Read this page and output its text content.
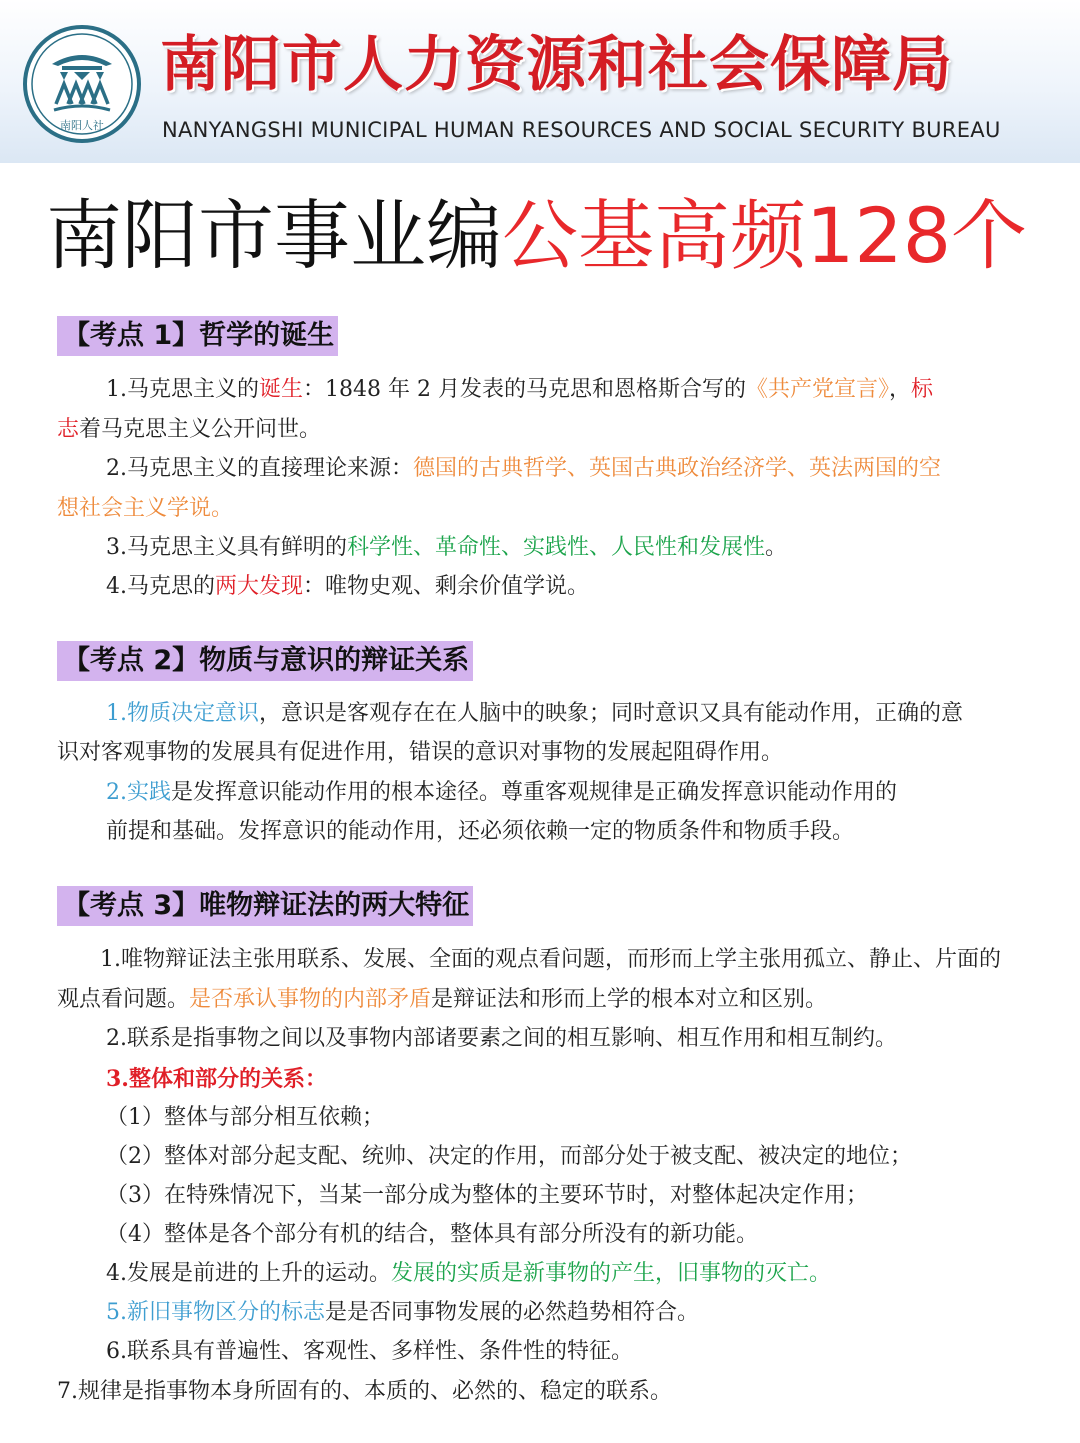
南阳人社
南阳市人力资源和社会保障局
NANYANGSHI MUNICIPAL HUMAN RESOURCES AND SOCIAL SECURITY BUREAU
南阳市事业编公基高频128个
【考点 1】哲学的诞生
1.马克思主义的诞生：1848 年 2 月发表的马克思和恩格斯合写的《共产党宣言》，标
志着马克思主义公开问世。
2.马克思主义的直接理论来源：德国的古典哲学、英国古典政治经济学、英法两国的空
想社会主义学说。
3.马克思主义具有鲜明的科学性、革命性、实践性、人民性和发展性。
4.马克思的两大发现：唯物史观、剩余价值学说。
【考点 2】物质与意识的辩证关系
1.物质决定意识，意识是客观存在在人脑中的映象；同时意识又具有能动作用，正确的意
识对客观事物的发展具有促进作用，错误的意识对事物的发展起阻碍作用。
2.实践是发挥意识能动作用的根本途径。尊重客观规律是正确发挥意识能动作用的
前提和基础。发挥意识的能动作用，还必须依赖一定的物质条件和物质手段。
【考点 3】唯物辩证法的两大特征
1.唯物辩证法主张用联系、发展、全面的观点看问题，而形而上学主张用孤立、静止、片面的
观点看问题。是否承认事物的内部矛盾是辩证法和形而上学的根本对立和区别。
2.联系是指事物之间以及事物内部诸要素之间的相互影响、相互作用和相互制约。
3.整体和部分的关系：
（1）整体与部分相互依赖；
（2）整体对部分起支配、统帅、决定的作用，而部分处于被支配、被决定的地位；
（3）在特殊情况下，当某一部分成为整体的主要环节时，对整体起决定作用；
（4）整体是各个部分有机的结合，整体具有部分所没有的新功能。
4.发展是前进的上升的运动。发展的实质是新事物的产生，旧事物的灭亡。
5.新旧事物区分的标志是是否同事物发展的必然趋势相符合。
6.联系具有普遍性、客观性、多样性、条件性的特征。
7.规律是指事物本身所固有的、本质的、必然的、稳定的联系。
